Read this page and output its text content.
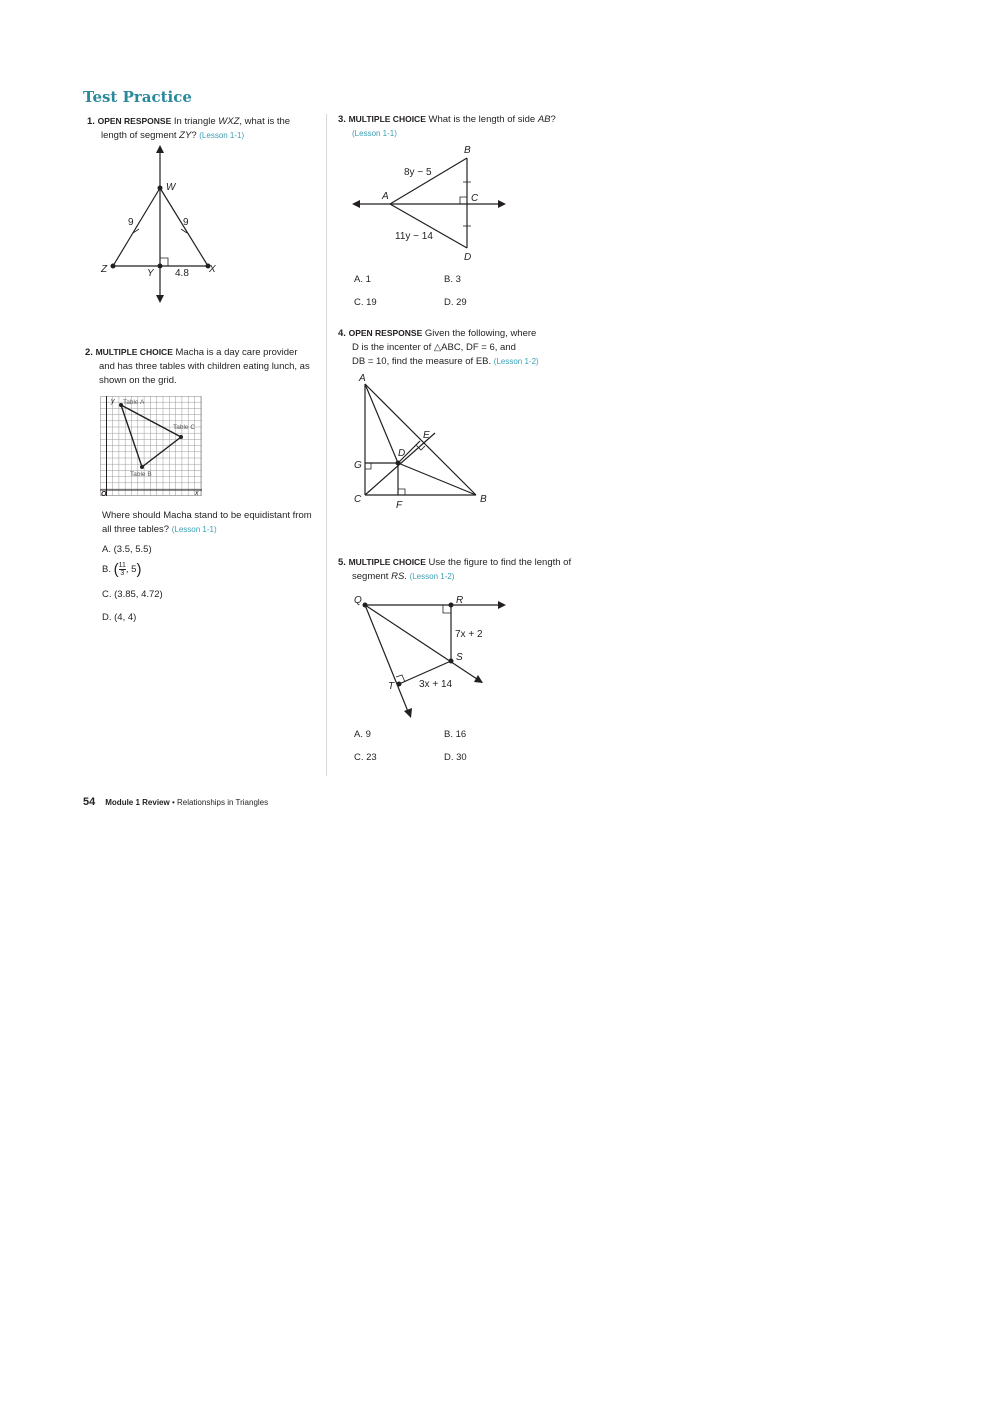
Test Practice
1. OPEN RESPONSE In triangle WXZ, what is the length of segment ZY? (Lesson 1-1)
W
Z	X
Y
9	9
4.8
2. MULTIPLE CHOICE Macha is a day care provider and has three tables with children eating lunch, as shown on the grid.
Table A
Table C
Table B
y
x
O
Where should Macha stand to be equidistant from all three tables? (Lesson 1-1)
A. (3.5, 5.5)
B. ( $\frac{11}{3}$ , 5)
C. (3.85, 4.72)
D. (4, 4)
3. MULTIPLE CHOICE What is the length of side AB? (Lesson 1-1)
B
A	C
D
8y − 5
11y − 14
A. 1	B. 3
C. 19	D. 29
4. OPEN RESPONSE Given the following, where
D is the incenter of △ABC, DF = 6, and
DB = 10, find the measure of EB. (Lesson 1-2)
A
C	B
D
E
F
G
5. MULTIPLE CHOICE Use the figure to find the length of segment RS. (Lesson 1-2)
Q	R
S
T
7x + 2
3x + 14
A. 9	B. 16
C. 23	D. 30
54 Module 1 Review • Relationships in Triangles
